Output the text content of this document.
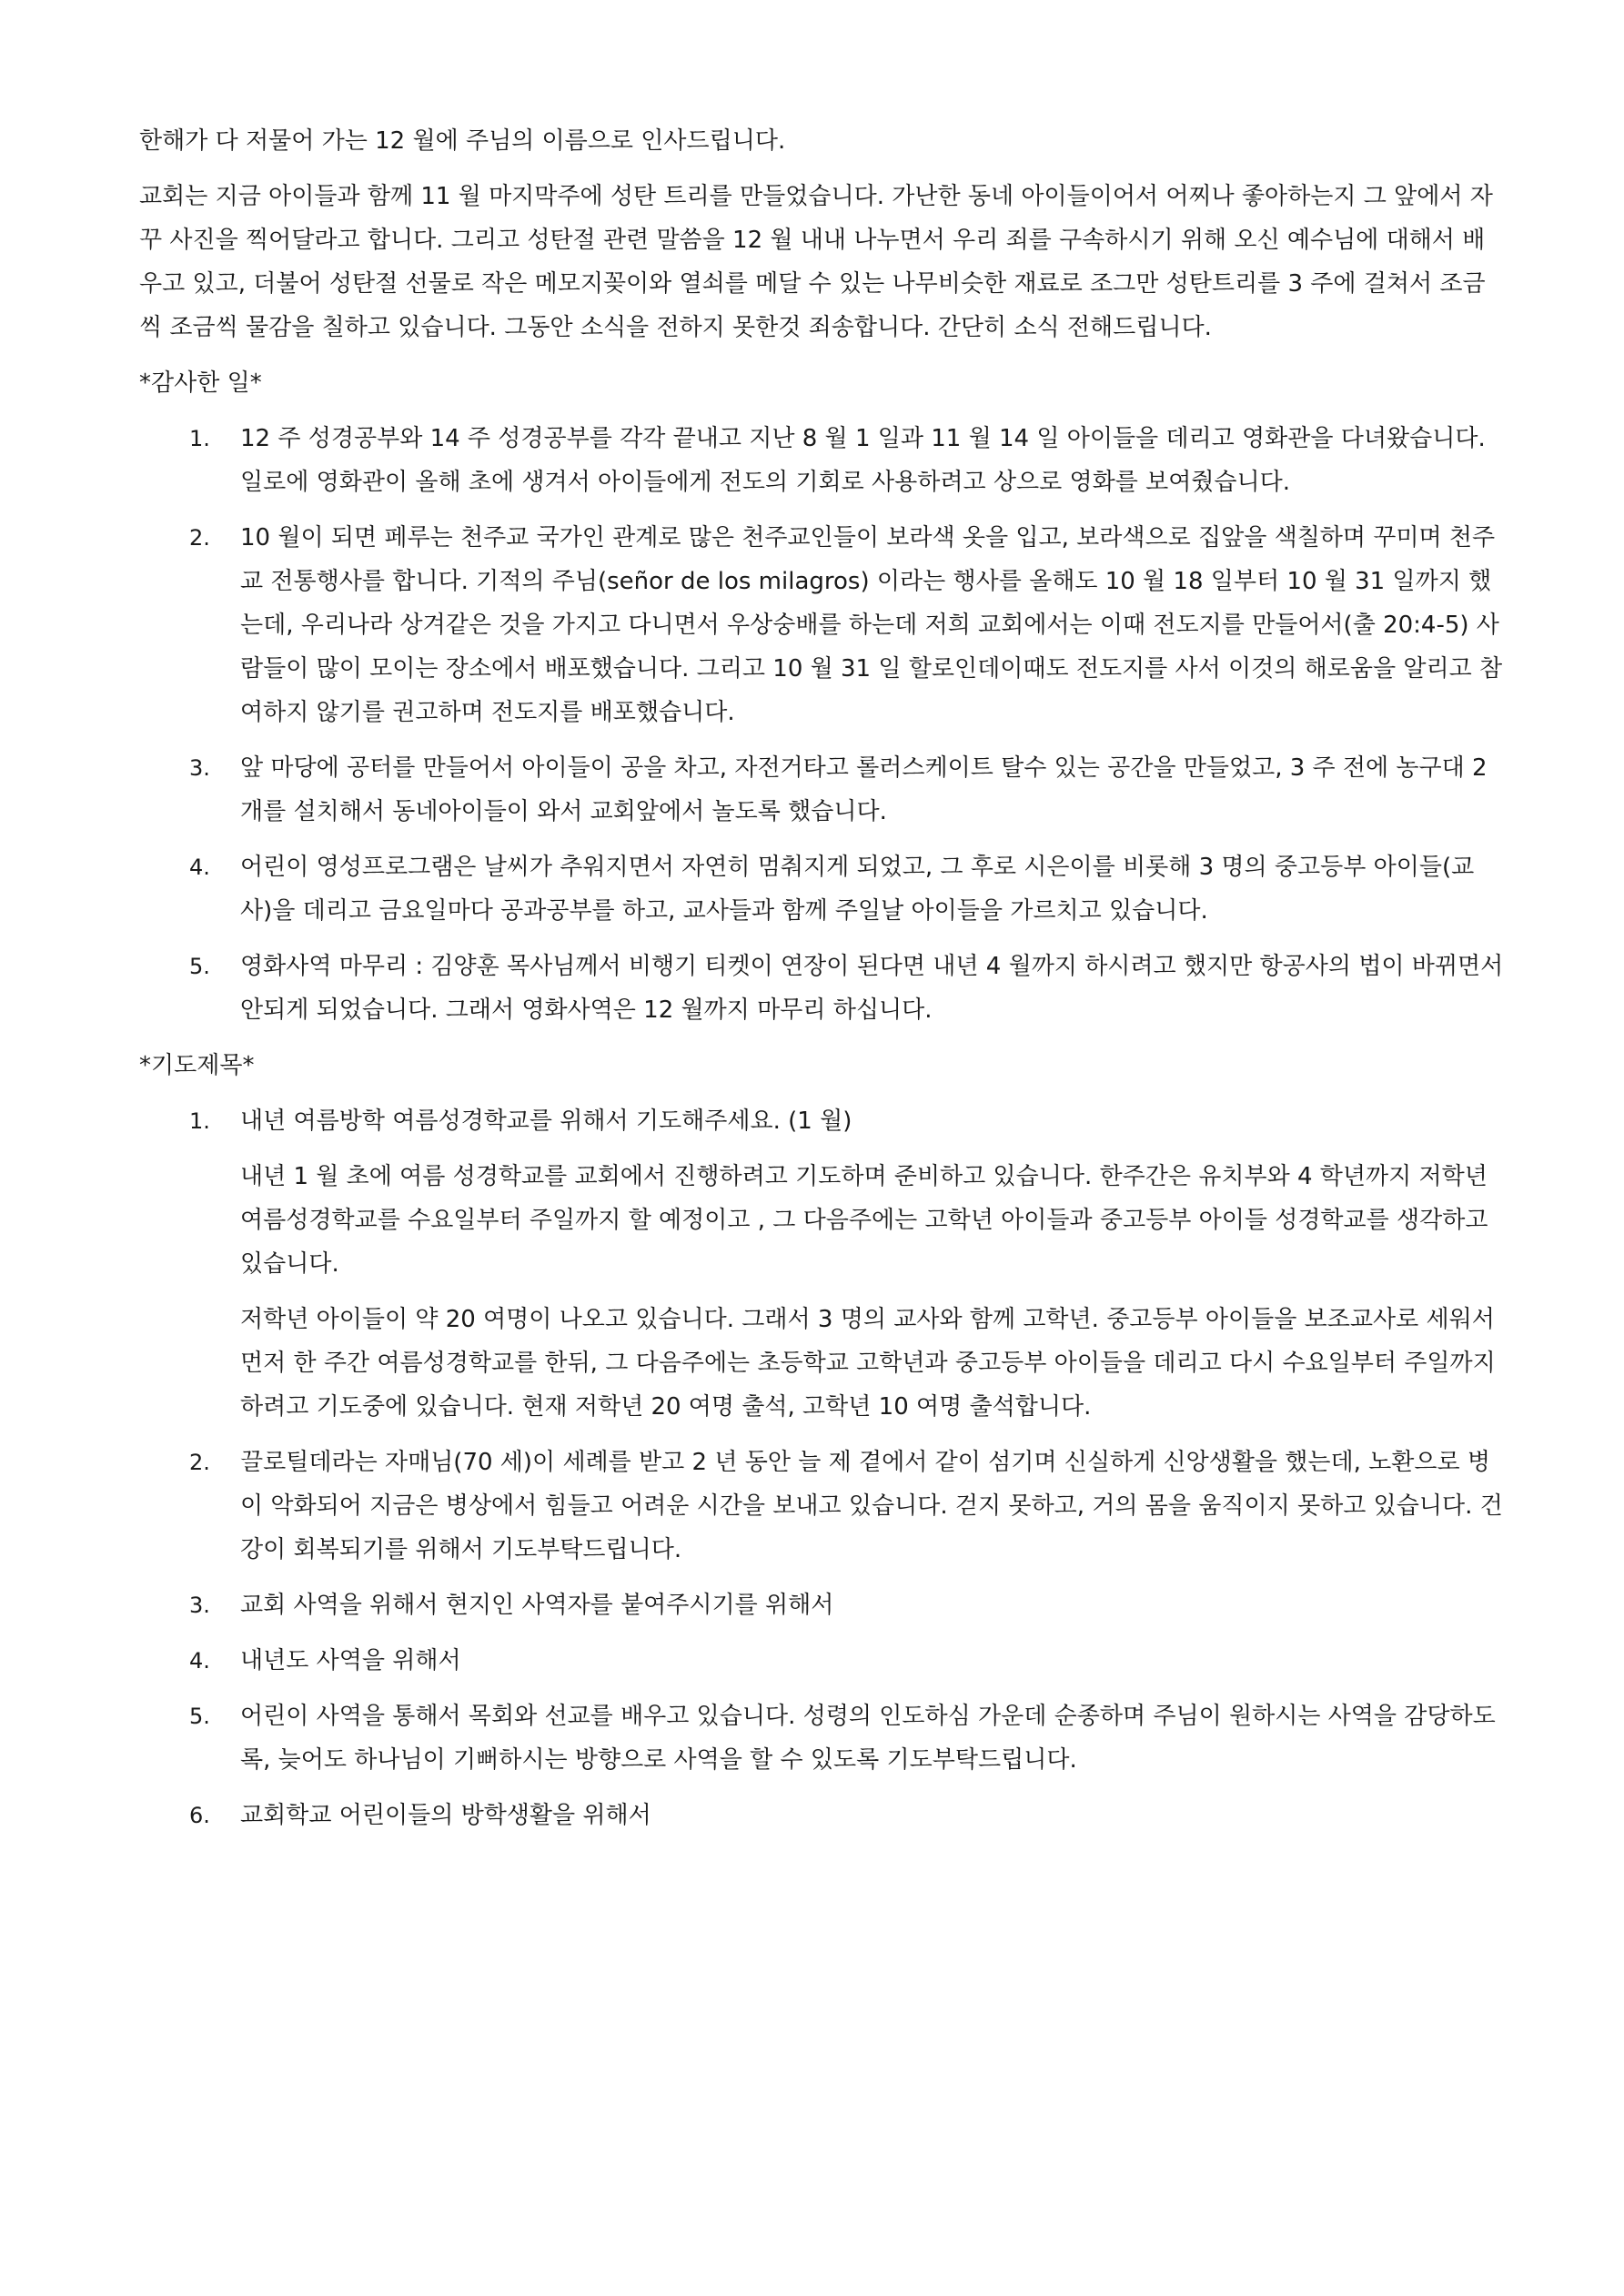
한해가 다 저물어 가는 12 월에 주님의 이름으로 인사드립니다.

교회는 지금 아이들과 함께 11 월 마지막주에 성탄 트리를 만들었습니다. 가난한 동네 아이들이어서 어찌나 좋아하는지 그 앞에서 자꾸 사진을 찍어달라고 합니다. 그리고 성탄절 관련 말씀을 12 월 내내 나누면서 우리 죄를 구속하시기 위해 오신 예수님에 대해서 배우고 있고, 더불어 성탄절 선물로 작은 메모지꽂이와 열쇠를 메달 수 있는 나무비슷한 재료로 조그만 성탄트리를 3 주에 걸쳐서 조금씩 조금씩 물감을 칠하고 있습니다. 그동안 소식을 전하지 못한것 죄송합니다. 간단히 소식 전해드립니다.

*감사한 일*

1. 12 주 성경공부와 14 주 성경공부를 각각 끝내고 지난 8 월 1 일과 11 월 14 일 아이들을 데리고 영화관을 다녀왔습니다. 일로에 영화관이 올해 초에 생겨서 아이들에게 전도의 기회로 사용하려고 상으로 영화를 보여줬습니다.

2. 10 월이 되면 페루는 천주교 국가인 관계로 많은 천주교인들이 보라색 옷을 입고, 보라색으로 집앞을 색칠하며 꾸미며 천주교 전통행사를 합니다. 기적의 주님(señor de los milagros) 이라는 행사를 올해도 10 월 18 일부터 10 월 31 일까지 했는데, 우리나라 상겨같은 것을 가지고 다니면서 우상숭배를 하는데 저희 교회에서는 이때 전도지를 만들어서(출 20:4-5) 사람들이 많이 모이는 장소에서 배포했습니다. 그리고 10 월 31 일 할로인데이때도 전도지를 사서 이것의 해로움을 알리고 참여하지 않기를 권고하며 전도지를 배포했습니다.

3. 앞 마당에 공터를 만들어서 아이들이 공을 차고, 자전거타고 롤러스케이트 탈수 있는 공간을 만들었고, 3 주 전에 농구대 2 개를 설치해서 동네아이들이 와서 교회앞에서 놀도록 했습니다.

4. 어린이 영성프로그램은 날씨가 추워지면서 자연히 멈춰지게 되었고, 그 후로 시은이를 비롯해 3 명의 중고등부 아이들(교사)을 데리고 금요일마다 공과공부를 하고, 교사들과 함께 주일날 아이들을 가르치고 있습니다.

5. 영화사역 마무리 : 김양훈 목사님께서 비행기 티켓이 연장이 된다면 내년 4 월까지 하시려고 했지만 항공사의 법이 바뀌면서 안되게 되었습니다. 그래서 영화사역은 12 월까지 마무리 하십니다.

*기도제목*

1. 내년 여름방학 여름성경학교를 위해서 기도해주세요. (1 월)

내년 1 월 초에 여름 성경학교를 교회에서 진행하려고 기도하며 준비하고 있습니다. 한주간은 유치부와 4 학년까지 저학년 여름성경학교를 수요일부터 주일까지 할 예정이고 , 그 다음주에는 고학년 아이들과 중고등부 아이들 성경학교를 생각하고 있습니다.

저학년 아이들이 약 20 여명이 나오고 있습니다. 그래서 3 명의 교사와 함께 고학년. 중고등부 아이들을 보조교사로 세워서 먼저 한 주간 여름성경학교를 한뒤, 그 다음주에는 초등학교 고학년과 중고등부 아이들을 데리고 다시 수요일부터 주일까지 하려고 기도중에 있습니다. 현재 저학년 20 여명 출석, 고학년 10 여명 출석합니다.

2. 끌로틸데라는 자매님(70 세)이 세례를 받고 2 년 동안 늘 제 곁에서 같이 섬기며 신실하게 신앙생활을 했는데, 노환으로 병이 악화되어 지금은 병상에서 힘들고 어려운 시간을 보내고 있습니다. 걷지 못하고, 거의 몸을 움직이지 못하고 있습니다. 건강이 회복되기를 위해서 기도부탁드립니다.

3. 교회 사역을 위해서 현지인 사역자를 붙여주시기를 위해서

4. 내년도 사역을 위해서

5. 어린이 사역을 통해서 목회와 선교를 배우고 있습니다. 성령의 인도하심 가운데 순종하며 주님이 원하시는 사역을 감당하도록, 늦어도 하나님이 기뻐하시는 방향으로 사역을 할 수 있도록 기도부탁드립니다.

6. 교회학교 어린이들의 방학생활을 위해서
